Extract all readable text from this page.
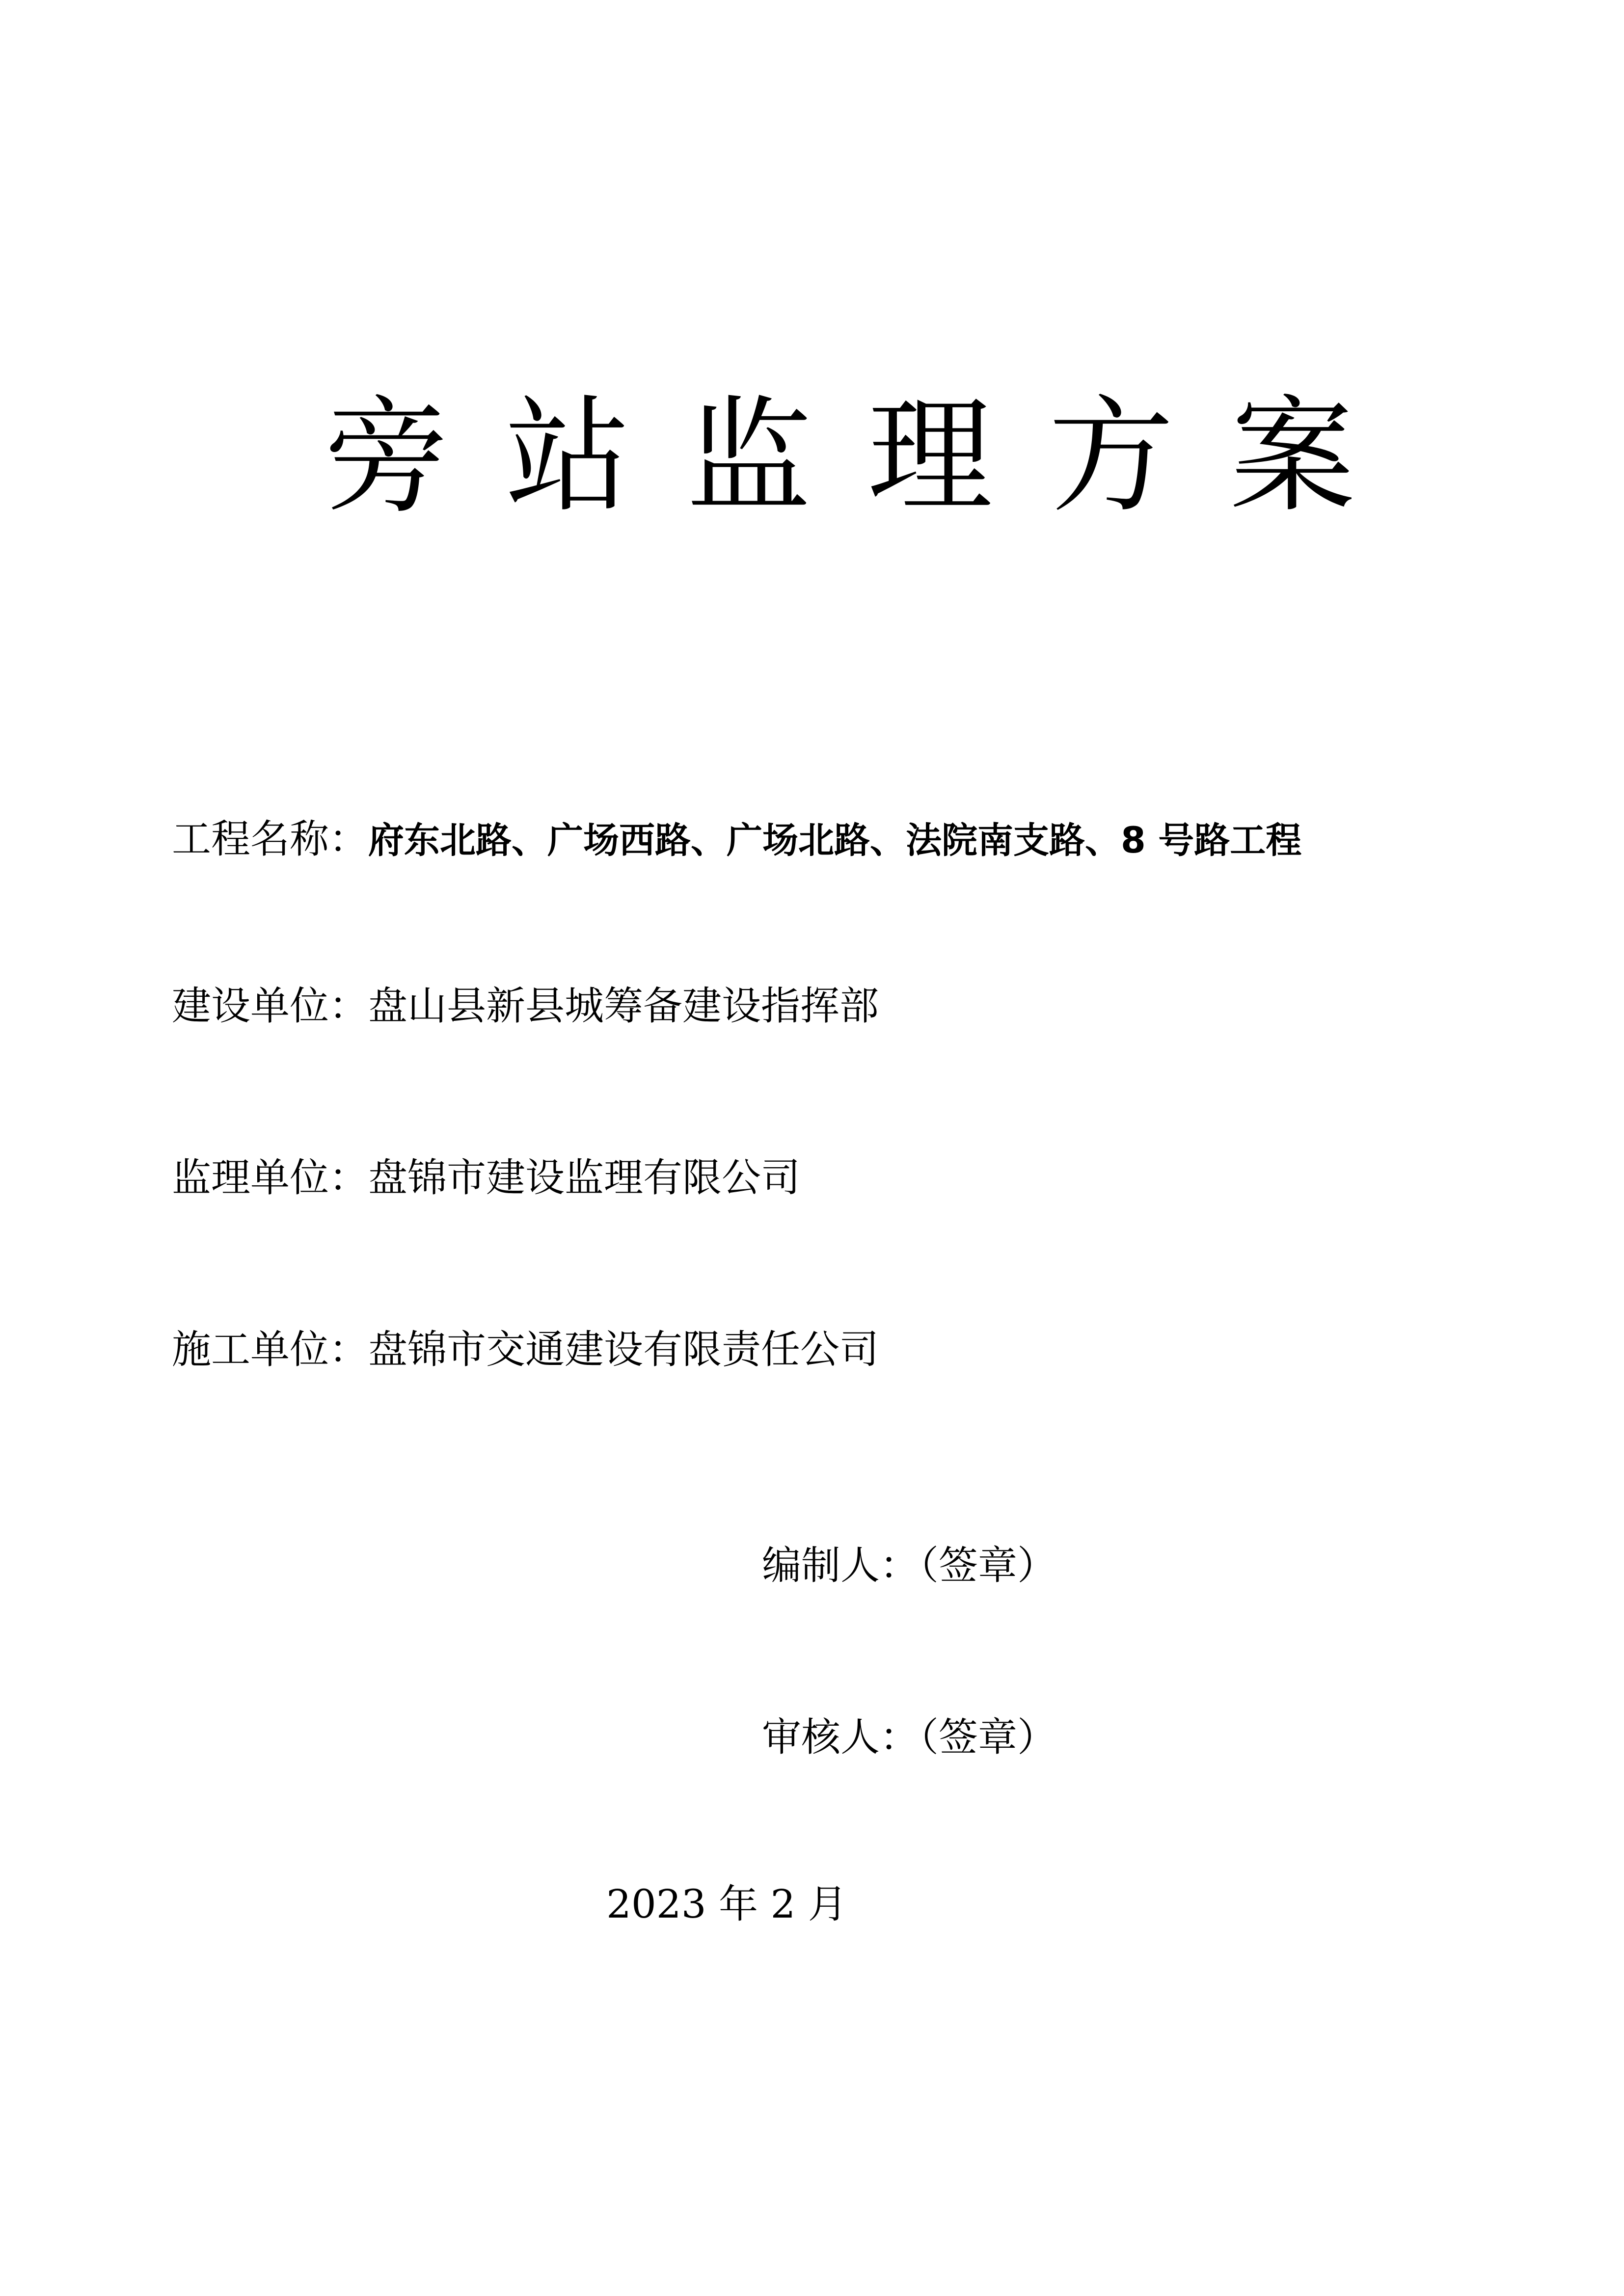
旁 站 监 理 方 案
工程名称：府东北路、广场西路、广场北路、法院南支路、8 号路工程
建设单位：盘山县新县城筹备建设指挥部
监理单位：盘锦市建设监理有限公司
施工单位：盘锦市交通建设有限责任公司
编制人：（签章）
审核人：（签章）
2023 年 2 月
